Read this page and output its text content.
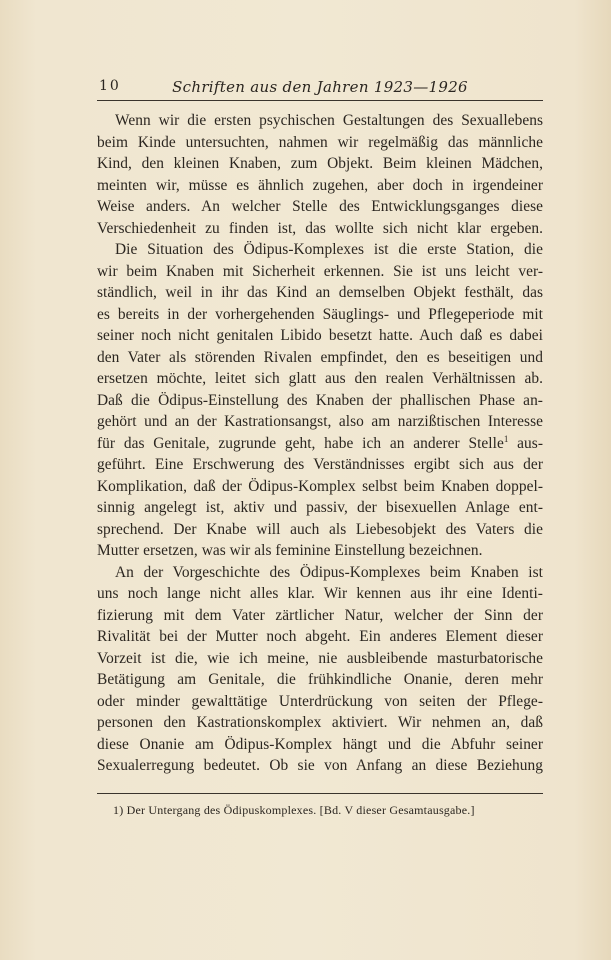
10	Schriften aus den Jahren 1923—1926
Wenn wir die ersten psychischen Gestaltungen des Sexuallebens
beim Kinde untersuchten, nahmen wir regelmäßig das männliche
Kind, den kleinen Knaben, zum Objekt. Beim kleinen Mädchen,
meinten wir, müsse es ähnlich zugehen, aber doch in irgendeiner
Weise anders. An welcher Stelle des Entwicklungsganges diese
Verschiedenheit zu finden ist, das wollte sich nicht klar ergeben.
Die Situation des Ödipus-Komplexes ist die erste Station, die
wir beim Knaben mit Sicherheit erkennen. Sie ist uns leicht ver-
ständlich, weil in ihr das Kind an demselben Objekt festhält, das
es bereits in der vorhergehenden Säuglings- und Pflegeperiode mit
seiner noch nicht genitalen Libido besetzt hatte. Auch daß es dabei
den Vater als störenden Rivalen empfindet, den es beseitigen und
ersetzen möchte, leitet sich glatt aus den realen Verhältnissen ab.
Daß die Ödipus-Einstellung des Knaben der phallischen Phase an-
gehört und an der Kastrationsangst, also am narzißtischen Interesse
für das Genitale, zugrunde geht, habe ich an anderer Stelle$^1$ aus-
geführt. Eine Erschwerung des Verständnisses ergibt sich aus der
Komplikation, daß der Ödipus-Komplex selbst beim Knaben doppel-
sinnig angelegt ist, aktiv und passiv, der bisexuellen Anlage ent-
sprechend. Der Knabe will auch als Liebesobjekt des Vaters die
Mutter ersetzen, was wir als feminine Einstellung bezeichnen.
An der Vorgeschichte des Ödipus-Komplexes beim Knaben ist
uns noch lange nicht alles klar. Wir kennen aus ihr eine Identi-
fizierung mit dem Vater zärtlicher Natur, welcher der Sinn der
Rivalität bei der Mutter noch abgeht. Ein anderes Element dieser
Vorzeit ist die, wie ich meine, nie ausbleibende masturbatorische
Betätigung am Genitale, die frühkindliche Onanie, deren mehr
oder minder gewalttätige Unterdrückung von seiten der Pflege-
personen den Kastrationskomplex aktiviert. Wir nehmen an, daß
diese Onanie am Ödipus-Komplex hängt und die Abfuhr seiner
Sexualerregung bedeutet. Ob sie von Anfang an diese Beziehung
1) Der Untergang des Ödipuskomplexes. [Bd. V dieser Gesamtausgabe.]
